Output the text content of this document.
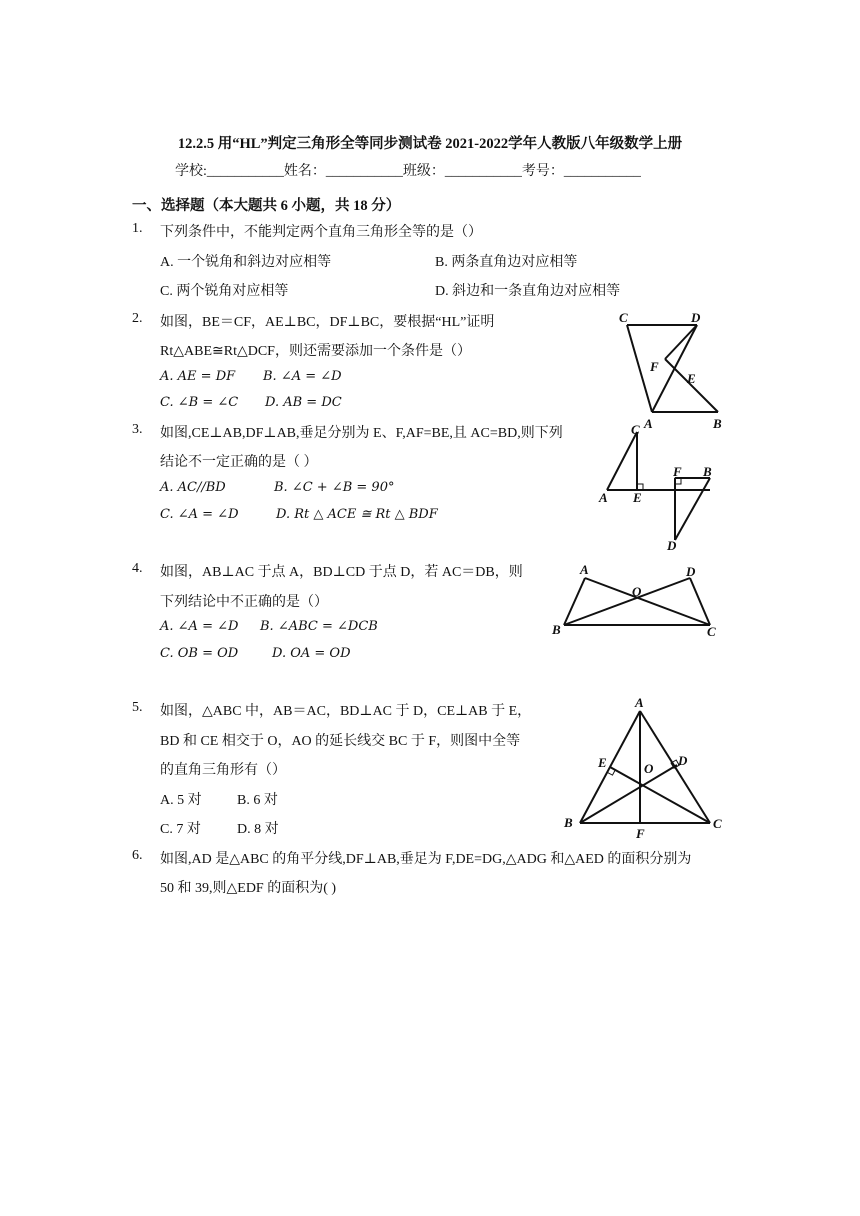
12.2.5 用“HL”判定三角形全等同步测试卷 2021-2022学年人教版八年级数学上册
学校:___________姓名：___________班级：___________考号：___________
一、选择题（本大题共 6 小题，共 18 分）
1. 下列条件中，不能判定两个直角三角形全等的是（）
A. 一个锐角和斜边对应相等	B. 两条直角边对应相等
C. 两个锐角对应相等	D. 斜边和一条直角边对应相等
2. 如图，BE＝CF，AE⊥BC，DF⊥BC，要根据“HL”证明
Rt△ABE≅Rt△DCF，则还需要添加一个条件是（）
A. AE = DF B. ∠A = ∠D
C. ∠B = ∠C D. AB = DC
3. 如图,CE⊥AB,DF⊥AB,垂足分别为 E、F,AF=BE,且 AC=BD,则下列
结论不一定正确的是（ ）
A. AC//BD	B. ∠C + ∠B = 90°
C. ∠A = ∠D	D. Rt △ ACE ≅ Rt △ BDF
4. 如图，AB⊥AC 于点 A，BD⊥CD 于点 D，若 AC＝DB，则
下列结论中不正确的是（）
A. ∠A = ∠D B. ∠ABC = ∠DCB
C. OB = OD	D. OA = OD
5. 如图，△ABC 中，AB＝AC，BD⊥AC 于 D，CE⊥AB 于 E，
BD 和 CE 相交于 O，AO 的延长线交 BC 于 F，则图中全等
的直角三角形有（）
A. 5 对	B. 6 对
C. 7 对	D. 8 对
6. 如图,AD 是△ABC 的角平分线,DF⊥AB,垂足为 F,DE=DG,△ADG 和△AED 的面积分别为
50 和 39,则△EDF 的面积为( )
C	D
F
E
A	B
C
A E
F B
D
A
O
D
B	C
A
E	O
D
B
F
C
